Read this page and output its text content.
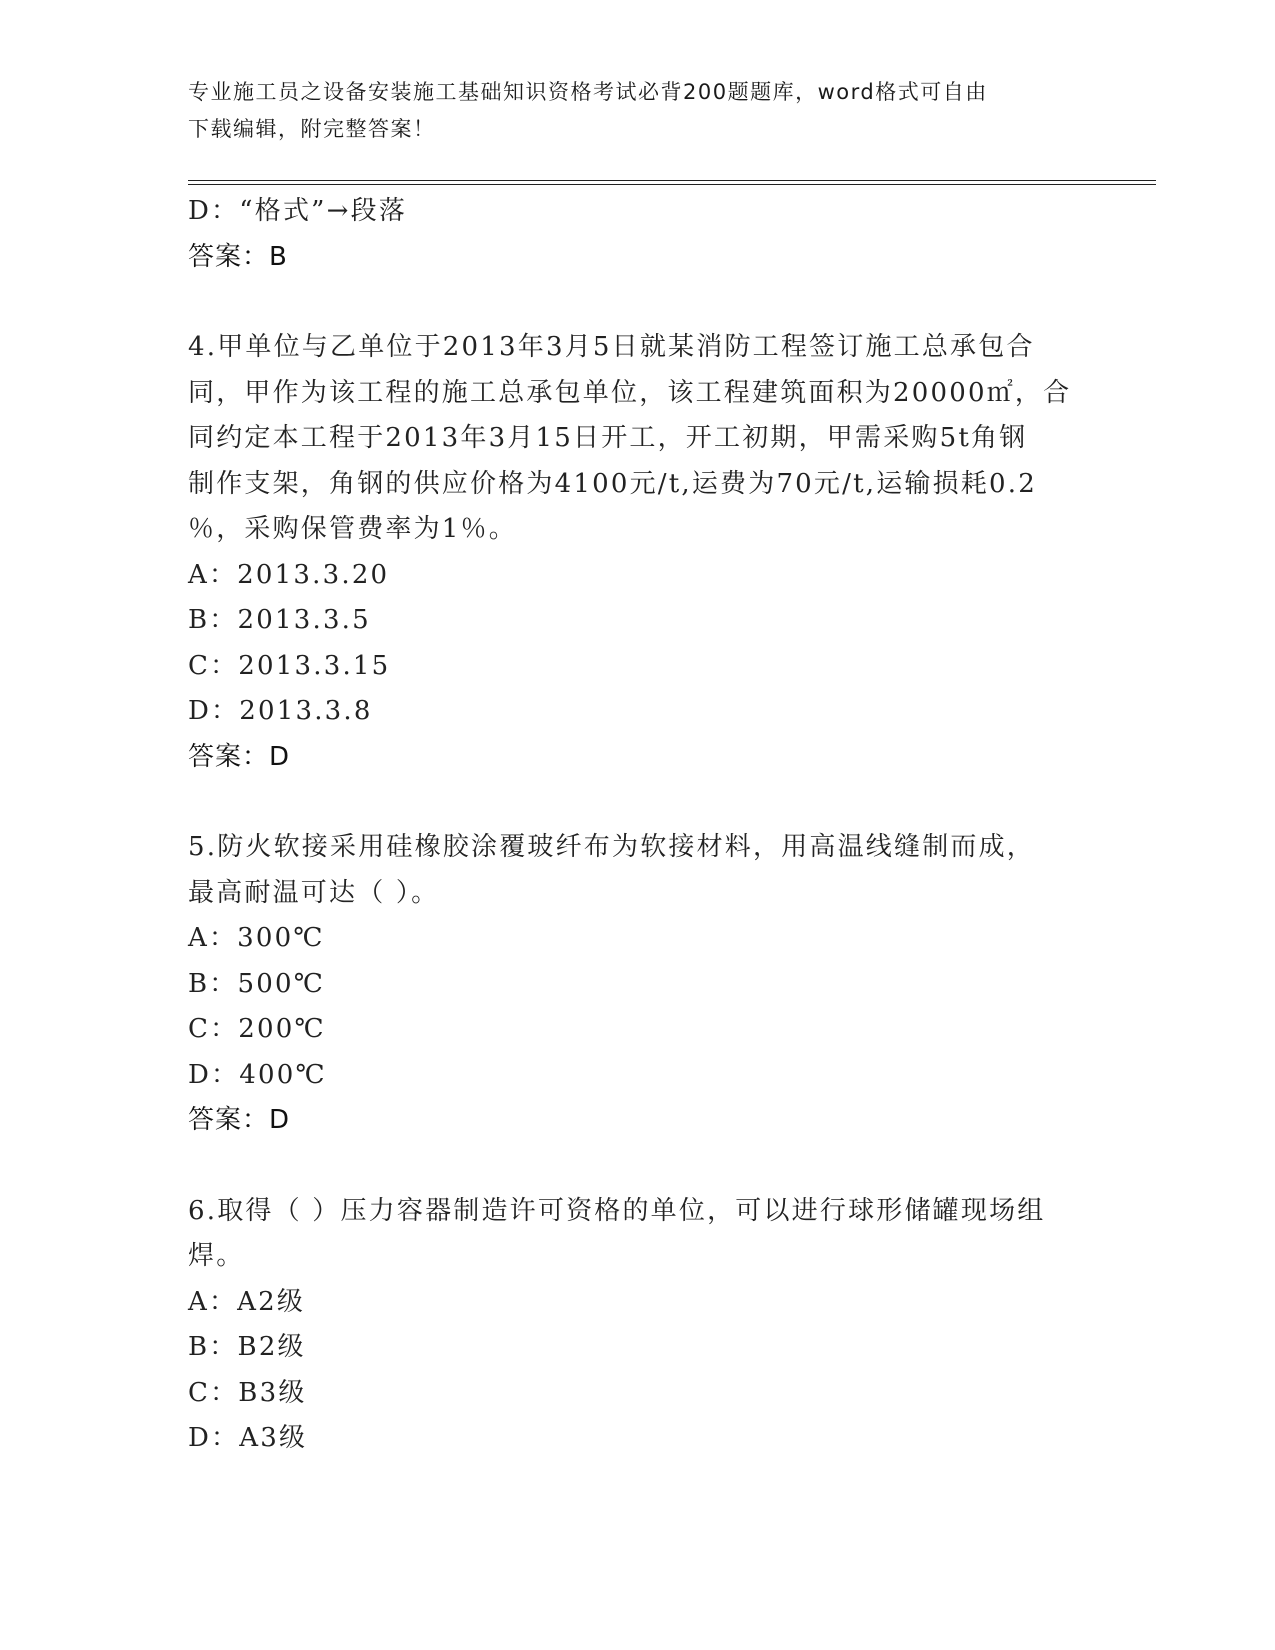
专业施工员之设备安装施工基础知识资格考试必背200题题库，word格式可自由
下载编辑，附完整答案！
D：“格式”→段落
答案：B
4.甲单位与乙单位于2013年3月5日就某消防工程签订施工总承包合
同，甲作为该工程的施工总承包单位，该工程建筑面积为20000㎡，合
同约定本工程于2013年3月15日开工，开工初期，甲需采购5t角钢
制作支架，角钢的供应价格为4100元/t,运费为70元/t,运输损耗0.2
％，采购保管费率为1％。
A：2013.3.20
B：2013.3.5
C：2013.3.15
D：2013.3.8
答案：D
5.防火软接采用硅橡胶涂覆玻纤布为软接材料，用高温线缝制而成，
最高耐温可达（ ）。
A：300℃
B：500℃
C：200℃
D：400℃
答案：D
6.取得（ ）压力容器制造许可资格的单位，可以进行球形储罐现场组
焊。
A：A2级
B：B2级
C：B3级
D：A3级
